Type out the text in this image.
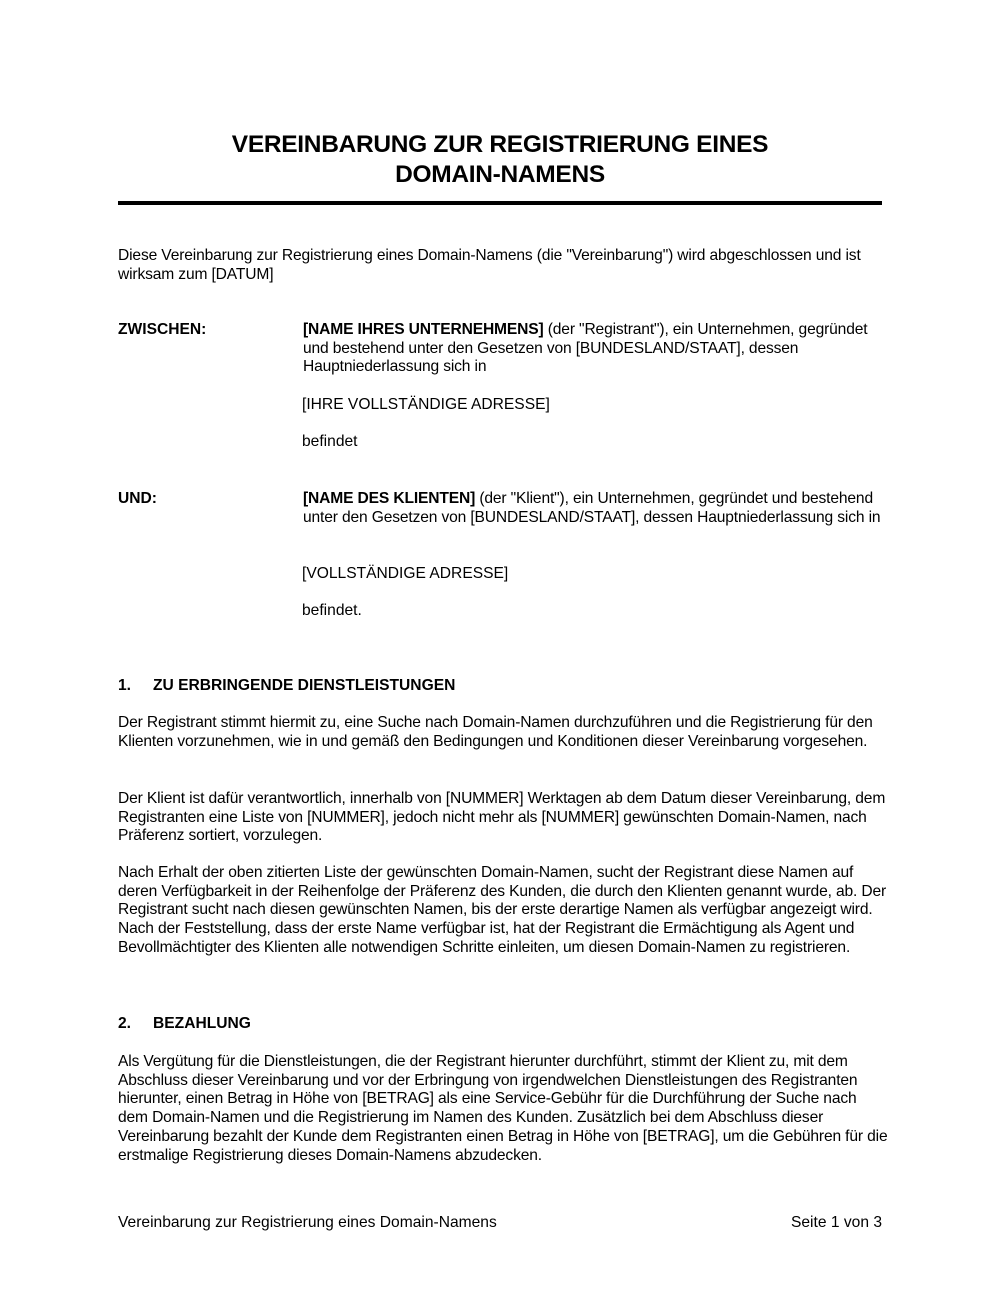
VEREINBARUNG ZUR REGISTRIERUNG EINES
DOMAIN-NAMENS
Diese Vereinbarung zur Registrierung eines Domain-Namens (die "Vereinbarung") wird abgeschlossen und ist wirksam zum [DATUM]
ZWISCHEN:	[NAME IHRES UNTERNEHMENS] (der "Registrant"), ein Unternehmen, gegründet und bestehend unter den Gesetzen von [BUNDESLAND/STAAT], dessen Hauptniederlassung sich in
[IHRE VOLLSTÄNDIGE ADRESSE]
befindet
UND:	[NAME DES KLIENTEN] (der "Klient"), ein Unternehmen, gegründet und bestehend unter den Gesetzen von [BUNDESLAND/STAAT], dessen Hauptniederlassung sich in
[VOLLSTÄNDIGE ADRESSE]
befindet.
1. ZU ERBRINGENDE DIENSTLEISTUNGEN
Der Registrant stimmt hiermit zu, eine Suche nach Domain-Namen durchzuführen und die Registrierung für den Klienten vorzunehmen, wie in und gemäß den Bedingungen und Konditionen dieser Vereinbarung vorgesehen.
Der Klient ist dafür verantwortlich, innerhalb von [NUMMER] Werktagen ab dem Datum dieser Vereinbarung, dem Registranten eine Liste von [NUMMER], jedoch nicht mehr als [NUMMER] gewünschten Domain-Namen, nach Präferenz sortiert, vorzulegen.
Nach Erhalt der oben zitierten Liste der gewünschten Domain-Namen, sucht der Registrant diese Namen auf deren Verfügbarkeit in der Reihenfolge der Präferenz des Kunden, die durch den Klienten genannt wurde, ab. Der Registrant sucht nach diesen gewünschten Namen, bis der erste derartige Namen als verfügbar angezeigt wird. Nach der Feststellung, dass der erste Name verfügbar ist, hat der Registrant die Ermächtigung als Agent und Bevollmächtigter des Klienten alle notwendigen Schritte einleiten, um diesen Domain-Namen zu registrieren.
2. BEZAHLUNG
Als Vergütung für die Dienstleistungen, die der Registrant hierunter durchführt, stimmt der Klient zu, mit dem Abschluss dieser Vereinbarung und vor der Erbringung von irgendwelchen Dienstleistungen des Registranten hierunter, einen Betrag in Höhe von [BETRAG] als eine Service-Gebühr für die Durchführung der Suche nach dem Domain-Namen und die Registrierung im Namen des Kunden. Zusätzlich bei dem Abschluss dieser Vereinbarung bezahlt der Kunde dem Registranten einen Betrag in Höhe von [BETRAG], um die Gebühren für die erstmalige Registrierung dieses Domain-Namens abzudecken.
Vereinbarung zur Registrierung eines Domain-Namens	Seite 1 von 3
